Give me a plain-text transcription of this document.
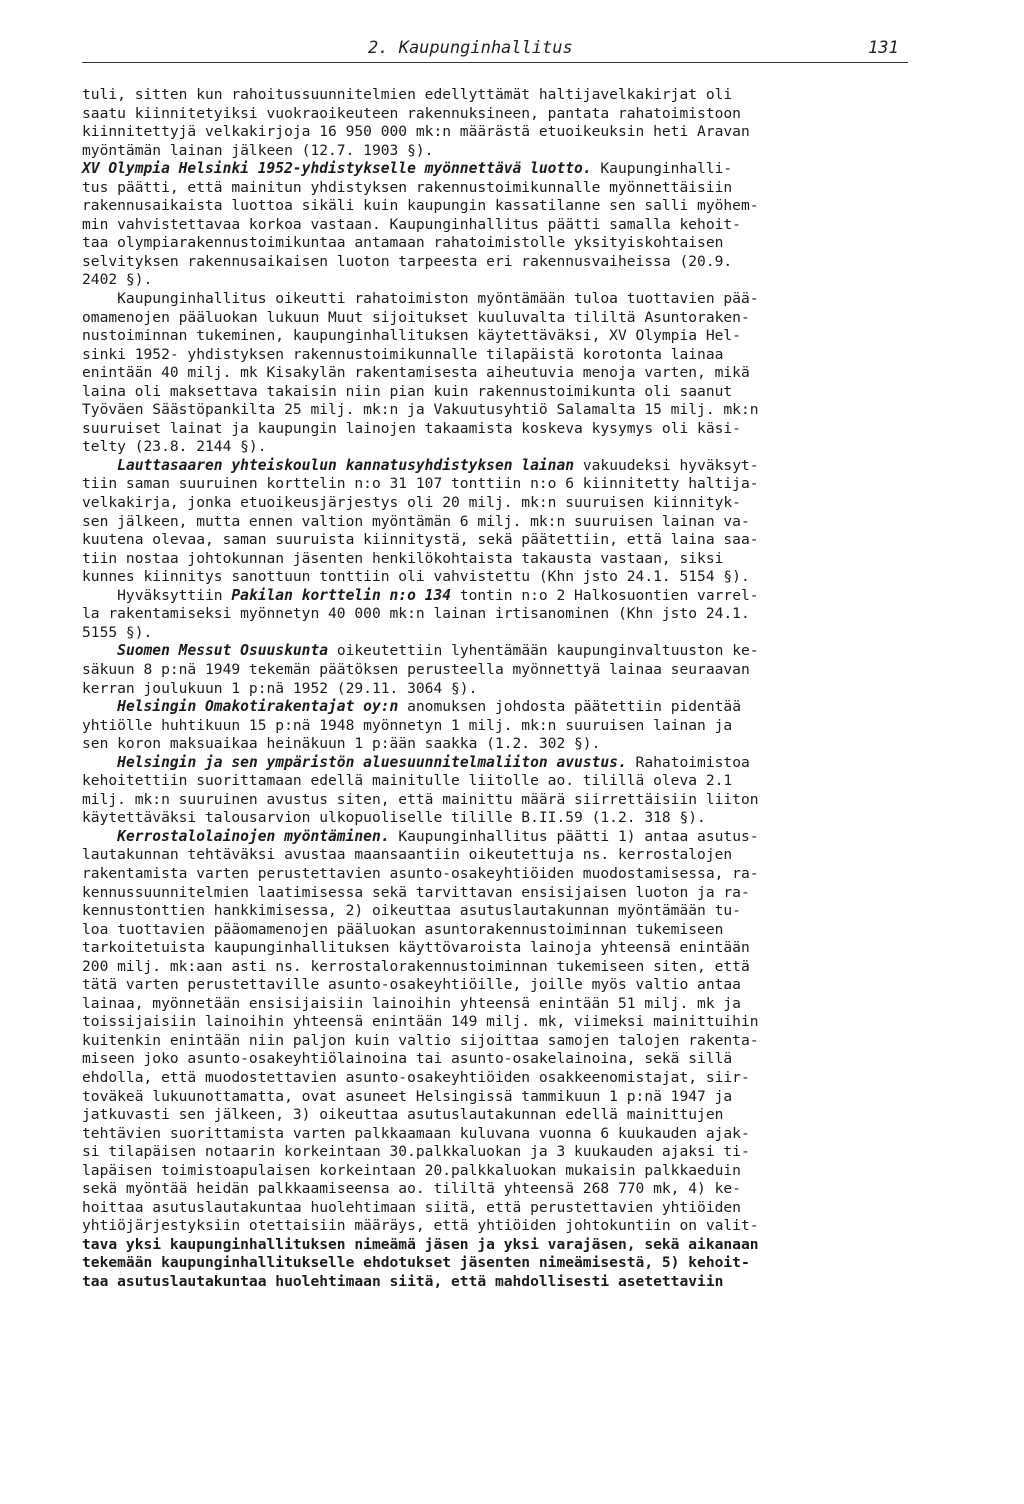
2. Kaupunginhallitus	131
tuli, sitten kun rahoitussuunnitelmien edellyttämät haltijavelkakirjat oli
saatu kiinnitetyiksi vuokraoikeuteen rakennuksineen, pantata rahatoimistoon
kiinnitettyjä velkakirjoja 16 950 000 mk:n määrästä etuoikeuksin heti Aravan
myöntämän lainan jälkeen (12.7. 1903 §).
XV Olympia Helsinki 1952-yhdistykselle myönnettävä luotto. Kaupunginhalli-
tus päätti, että mainitun yhdistyksen rakennustoimikunnalle myönnettäisiin
rakennusaikaista luottoa sikäli kuin kaupungin kassatilanne sen salli myöhem-
min vahvistettavaa korkoa vastaan. Kaupunginhallitus päätti samalla kehoit-
taa olympiarakennustoimikuntaa antamaan rahatoimistolle yksityiskohtaisen
selvityksen rakennusaikaisen luoton tarpeesta eri rakennusvaiheissa (20.9.
2402 §).
Kaupunginhallitus oikeutti rahatoimiston myöntämään tuloa tuottavien pää-
omamenojen pääluokan lukuun Muut sijoitukset kuuluvalta tililtä Asuntoraken-
nustoiminnan tukeminen, kaupunginhallituksen käytettäväksi, XV Olympia Hel-
sinki 1952- yhdistyksen rakennustoimikunnalle tilapäistä korotonta lainaa
enintään 40 milj. mk Kisakylän rakentamisesta aiheutuvia menoja varten, mikä
laina oli maksettava takaisin niin pian kuin rakennustoimikunta oli saanut
Työväen Säästöpankilta 25 milj. mk:n ja Vakuutusyhtiö Salamalta 15 milj. mk:n
suuruiset lainat ja kaupungin lainojen takaamista koskeva kysymys oli käsi-
telty (23.8. 2144 §).
Lauttasaaren yhteiskoulun kannatusyhdistyksen lainan vakuudeksi hyväksyt-
tiin saman suuruinen korttelin n:o 31 107 tonttiin n:o 6 kiinnitetty haltija-
velkakirja, jonka etuoikeusjärjestys oli 20 milj. mk:n suuruisen kiinnityk-
sen jälkeen, mutta ennen valtion myöntämän 6 milj. mk:n suuruisen lainan va-
kuutena olevaa, saman suuruista kiinnitystä, sekä päätettiin, että laina saa-
tiin nostaa johtokunnan jäsenten henkilökohtaista takausta vastaan, siksi
kunnes kiinnitys sanottuun tonttiin oli vahvistettu (Khn jsto 24.1. 5154 §).
Hyväksyttiin Pakilan korttelin n:o 134 tontin n:o 2 Halkosuontien varrel-
la rakentamiseksi myönnetyn 40 000 mk:n lainan irtisanominen (Khn jsto 24.1.
5155 §).
Suomen Messut Osuuskunta oikeutettiin lyhentämään kaupunginvaltuuston ke-
säkuun 8 p:nä 1949 tekemän päätöksen perusteella myönnettyä lainaa seuraavan
kerran joulukuun 1 p:nä 1952 (29.11. 3064 §).
Helsingin Omakotirakentajat oy:n anomuksen johdosta päätettiin pidentää
yhtiölle huhtikuun 15 p:nä 1948 myönnetyn 1 milj. mk:n suuruisen lainan ja
sen koron maksuaikaa heinäkuun 1 p:ään saakka (1.2. 302 §).
Helsingin ja sen ympäristön aluesuunnitelmaliiton avustus. Rahatoimistoa
kehoitettiin suorittamaan edellä mainitulle liitolle ao. tilillä oleva 2.1
milj. mk:n suuruinen avustus siten, että mainittu määrä siirrettäisiin liiton
käytettäväksi talousarvion ulkopuoliselle tilille B.II.59 (1.2. 318 §).
Kerrostalolainojen myöntäminen. Kaupunginhallitus päätti 1) antaa asutus-
lautakunnan tehtäväksi avustaa maansaantiin oikeutettuja ns. kerrostalojen
rakentamista varten perustettavien asunto-osakeyhtiöiden muodostamisessa, ra-
kennussuunnitelmien laatimisessa sekä tarvittavan ensisijaisen luoton ja ra-
kennustonttien hankkimisessa, 2) oikeuttaa asutuslautakunnan myöntämään tu-
loa tuottavien pääomamenojen pääluokan asuntorakennustoiminnan tukemiseen
tarkoitetuista kaupunginhallituksen käyttövaroista lainoja yhteensä enintään
200 milj. mk:aan asti ns. kerrostalorakennustoiminnan tukemiseen siten, että
tätä varten perustettaville asunto-osakeyhtiöille, joille myös valtio antaa
lainaa, myönnetään ensisijaisiin lainoihin yhteensä enintään 51 milj. mk ja
toissijaisiin lainoihin yhteensä enintään 149 milj. mk, viimeksi mainittuihin
kuitenkin enintään niin paljon kuin valtio sijoittaa samojen talojen rakenta-
miseen joko asunto-osakeyhtiölainoina tai asunto-osakelainoina, sekä sillä
ehdolla, että muodostettavien asunto-osakeyhtiöiden osakkeenomistajat, siir-
toväkeä lukuunottamatta, ovat asuneet Helsingissä tammikuun 1 p:nä 1947 ja
jatkuvasti sen jälkeen, 3) oikeuttaa asutuslautakunnan edellä mainittujen
tehtävien suorittamista varten palkkaamaan kuluvana vuonna 6 kuukauden ajak-
si tilapäisen notaarin korkeintaan 30.palkkaluokan ja 3 kuukauden ajaksi ti-
lapäisen toimistoapulaisen korkeintaan 20.palkkaluokan mukaisin palkkaeduin
sekä myöntää heidän palkkaamiseensa ao. tililtä yhteensä 268 770 mk, 4) ke-
hoittaa asutuslautakuntaa huolehtimaan siitä, että perustettavien yhtiöiden
yhtiöjärjestyksiin otettaisiin määräys, että yhtiöiden johtokuntiin on valit-
tava yksi kaupunginhallituksen nimeämä jäsen ja yksi varajäsen, sekä aikanaan
tekemään kaupunginhallitukselle ehdotukset jäsenten nimeämisestä, 5) kehoit-
taa asutuslautakuntaa huolehtimaan siitä, että mahdollisesti asetettaviin
